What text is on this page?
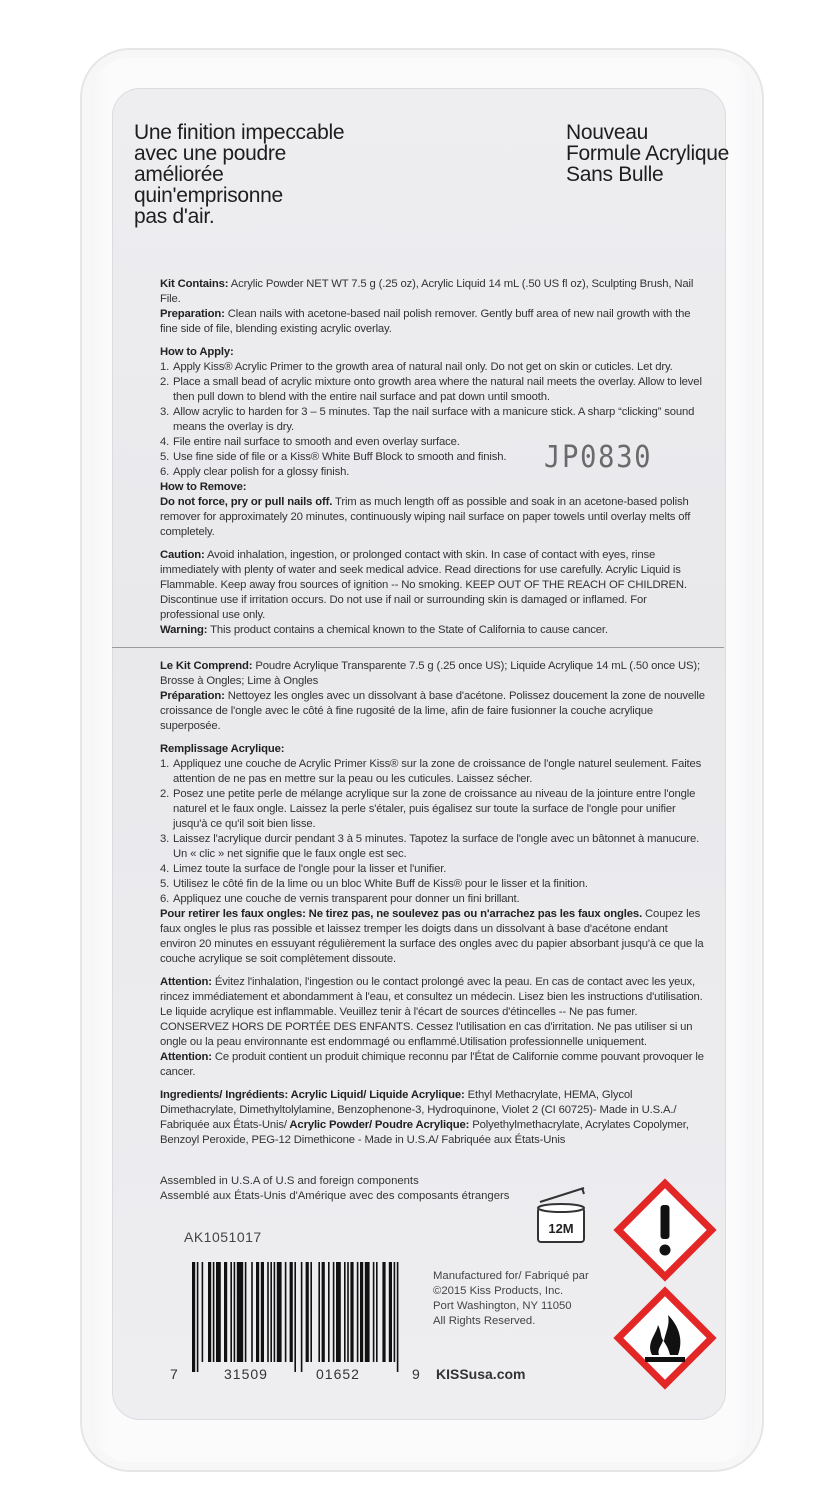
Une finition impeccable
avec une poudre
améliorée
quin'emprisonne
pas d'air.
Nouveau
Formule Acrylique
Sans Bulle

Kit Contains: Acrylic Powder NET WT 7.5 g (.25 oz), Acrylic Liquid 14 mL (.50 US fl oz), Sculpting Brush, Nail File.

Preparation: Clean nails with acetone-based nail polish remover. Gently buff area of new nail growth with the fine side of file, blending existing acrylic overlay.

How to Apply:

1. Apply Kiss® Acrylic Primer to the growth area of natural nail only. Do not get on skin or cuticles. Let dry.
2. Place a small bead of acrylic mixture onto growth area where the natural nail meets the overlay. Allow to level then pull down to blend with the entire nail surface and pat down until smooth.
3. Allow acrylic to harden for 3 – 5 minutes. Tap the nail surface with a manicure stick. A sharp “clicking” sound means the overlay is dry.
4. File entire nail surface to smooth and even overlay surface.
5. Use fine side of file or a Kiss® White Buff Block to smooth and finish.
6. Apply clear polish for a glossy finish.

How to Remove:

Do not force, pry or pull nails off. Trim as much length off as possible and soak in an acetone-based polish remover for approximately 20 minutes, continuously wiping nail surface on paper towels until overlay melts off completely.

Caution: Avoid inhalation, ingestion, or prolonged contact with skin. In case of contact with eyes, rinse immediately with plenty of water and seek medical advice. Read directions for use carefully. Acrylic Liquid is Flammable. Keep away frou sources of ignition -- No smoking. KEEP OUT OF THE REACH OF CHILDREN. Discontinue use if irritation occurs. Do not use if nail or surrounding skin is damaged or inflamed. For professional use only.

Warning: This product contains a chemical known to the State of California to cause cancer.

JP0830

Le Kit Comprend: Poudre Acrylique Transparente 7.5 g (.25 once US); Liquide Acrylique 14 mL (.50 once US); Brosse à Ongles; Lime à Ongles

Préparation: Nettoyez les ongles avec un dissolvant à base d'acétone. Polissez doucement la zone de nouvelle croissance de l'ongle avec le côté à fine rugosité de la lime, afin de faire fusionner la couche acrylique superposée.

Remplissage Acrylique:

1. Appliquez une couche de Acrylic Primer Kiss® sur la zone de croissance de l'ongle naturel seulement. Faites attention de ne pas en mettre sur la peau ou les cuticules. Laissez sécher.
2. Posez une petite perle de mélange acrylique sur la zone de croissance au niveau de la jointure entre l'ongle naturel et le faux ongle. Laissez la perle s'étaler, puis égalisez sur toute la surface de l'ongle pour unifier jusqu'à ce qu'il soit bien lisse.
3. Laissez l'acrylique durcir pendant 3 à 5 minutes. Tapotez la surface de l'ongle avec un bâtonnet à manucure. Un « clic » net signifie que le faux ongle est sec.
4. Limez toute la surface de l'ongle pour la lisser et l'unifier.
5. Utilisez le côté fin de la lime ou un bloc White Buff de Kiss® pour le lisser et la finition.
6. Appliquez une couche de vernis transparent pour donner un fini brillant.

Pour retirer les faux ongles: Ne tirez pas, ne soulevez pas ou n'arrachez pas les faux ongles. Coupez les faux ongles le plus ras possible et laissez tremper les doigts dans un dissolvant à base d'acétone endant environ 20 minutes en essuyant régulièrement la surface des ongles avec du papier absorbant jusqu'à ce que la couche acrylique se soit complètement dissoute.

Attention: Évitez l'inhalation, l'ingestion ou le contact prolongé avec la peau. En cas de contact avec les yeux, rincez immédiatement et abondamment à l'eau, et consultez un médecin. Lisez bien les instructions d'utilisation. Le liquide acrylique est inflammable. Veuillez tenir à l'écart de sources d'étincelles -- Ne pas fumer. CONSERVEZ HORS DE PORTÉE DES ENFANTS. Cessez l'utilisation en cas d'irritation. Ne pas utiliser si un ongle ou la peau environnante est endommagé ou enflammé.Utilisation professionnelle uniquement.

Attention: Ce produit contient un produit chimique reconnu par l'État de Californie comme pouvant provoquer le cancer.

Ingredients/ Ingrédients: Acrylic Liquid/ Liquide Acrylique: Ethyl Methacrylate, HEMA, Glycol Dimethacrylate, Dimethyltolylamine, Benzophenone-3, Hydroquinone, Violet 2 (CI 60725)- Made in U.S.A./ Fabriquée aux États-Unis/ Acrylic Powder/ Poudre Acrylique: Polyethylmethacrylate, Acrylates Copolymer, Benzoyl Peroxide, PEG-12 Dimethicone - Made in U.S.A/ Fabriquée aux États-Unis

Assembled in U.S.A of U.S and foreign components
Assemblé aux États-Unis d'Amérique avec des composants étrangers
AK1051017
12M
Manufactured for/ Fabriqué par
©2015 Kiss Products, Inc.
Port Washington, NY 11050
All Rights Reserved.
KISSusa.com
7	31509	01652	9
